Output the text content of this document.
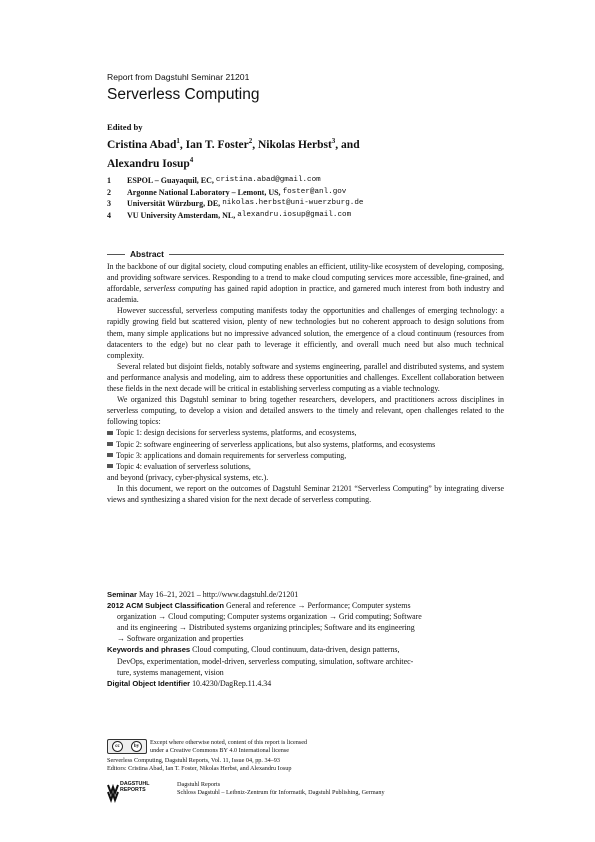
Report from Dagstuhl Seminar 21201
Serverless Computing
Edited by
Cristina Abad$^1$, Ian T. Foster$^2$, Nikolas Herbst$^3$, and
Alexandru Iosup$^4$
1	ESPOL – Guayaquil, EC,
cristina.abad@gmail.com
2	Argonne National Laboratory – Lemont, US,
foster@anl.gov
3	Universität Würzburg, DE,
nikolas.herbst@uni-wuerzburg.de
4	VU University Amsterdam, NL,
alexandru.iosup@gmail.com
Abstract

In the backbone of our digital society, cloud computing enables an efficient, utility-like ecosystem of developing, composing, and providing software services. Responding to a trend to make cloud computing services more accessible, fine-grained, and affordable, serverless computing has gained rapid adoption in practice, and garnered much interest from both industry and academia.

However successful, serverless computing manifests today the opportunities and challenges of emerging technology: a rapidly growing field but scattered vision, plenty of new technologies but no coherent approach to design solutions from them, many simple applications but no impressive advanced solution, the emergence of a cloud continuum (resources from datacenters to the edge) but no clear path to leverage it efficiently, and overall much need but also much technical complexity.

Several related but disjoint fields, notably software and systems engineering, parallel and distributed systems, and system and performance analysis and modeling, aim to address these opportunities and challenges. Excellent collaboration between these fields in the next decade will be critical in establishing serverless computing as a viable technology.

We organized this Dagstuhl seminar to bring together researchers, developers, and practitioners across disciplines in serverless computing, to develop a vision and detailed answers to the timely and relevant, open challenges related to the following topics:

Topic 1: design decisions for serverless systems, platforms, and ecosystems,
Topic 2: software engineering of serverless applications, but also systems, platforms, and ecosystems
Topic 3: applications and domain requirements for serverless computing,
Topic 4: evaluation of serverless solutions,

and beyond (privacy, cyber-physical systems, etc.).

In this document, we report on the outcomes of Dagstuhl Seminar 21201 “Serverless Computing” by integrating diverse views and synthesizing a shared vision for the next decade of serverless computing.

Seminar May 16–21, 2021 – http://www.dagstuhl.de/21201
2012 ACM Subject Classification General and reference → Performance; Computer systems
organization → Cloud computing; Computer systems organization → Grid computing; Software
and its engineering → Distributed systems organizing principles; Software and its engineering
→ Software organization and properties
Keywords and phrases Cloud computing, Cloud continuum, data-driven, design patterns,
DevOps, experimentation, model-driven, serverless computing, simulation, software architec-
ture, systems management, vision
Digital Object Identifier 10.4230/DagRep.11.4.34
cc	by
Except where otherwise noted, content of this report is licensed
under a Creative Commons BY 4.0 International license
Serverless Computing, Dagstuhl Reports, Vol. 11, Issue 04, pp. 34–93
Editors: Cristina Abad, Ian T. Foster, Nikolas Herbst, and Alexandru Iosup
DAGSTUHL
REPORTS
Dagstuhl Reports
Schloss Dagstuhl – Leibniz-Zentrum für Informatik, Dagstuhl Publishing, Germany
